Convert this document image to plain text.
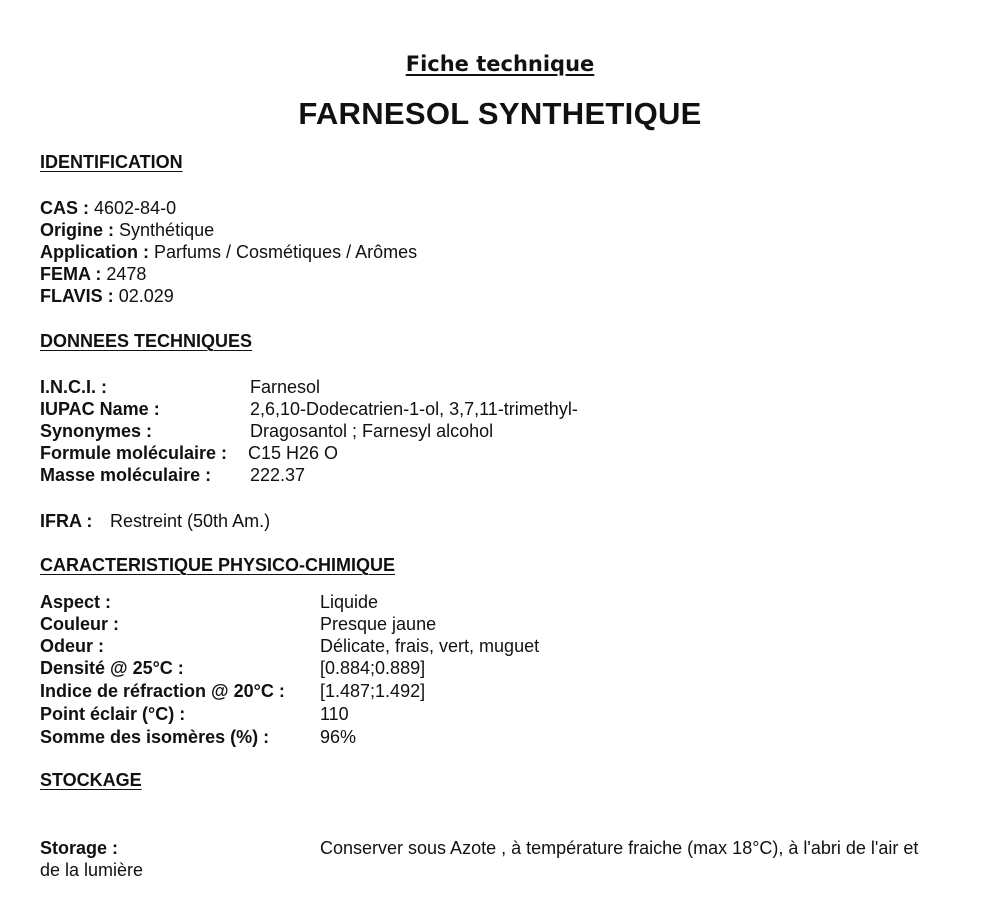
Fiche technique
FARNESOL SYNTHETIQUE
IDENTIFICATION
CAS : 4602-84-0
Origine : Synthétique
Application : Parfums / Cosmétiques / Arômes
FEMA : 2478
FLAVIS : 02.029
DONNEES TECHNIQUES
I.N.C.I. :	Farnesol
IUPAC Name :	2,6,10-Dodecatrien-1-ol, 3,7,11-trimethyl-
Synonymes :	Dragosantol ; Farnesyl alcohol
Formule moléculaire : C15 H26 O
Masse moléculaire : 222.37
IFRA : Restreint (50th Am.)
CARACTERISTIQUE PHYSICO-CHIMIQUE
Aspect :	Liquide
Couleur :	Presque jaune
Odeur :	Délicate, frais, vert, muguet
Densité @ 25°C :	[0.884;0.889]
Indice de réfraction @ 20°C : [1.487;1.492]
Point éclair (°C) :	110
Somme des isomères (%) :	96%
STOCKAGE
Storage :	Conserver sous Azote , à température fraiche (max 18°C), à l'abri de l'air et
de la lumière
